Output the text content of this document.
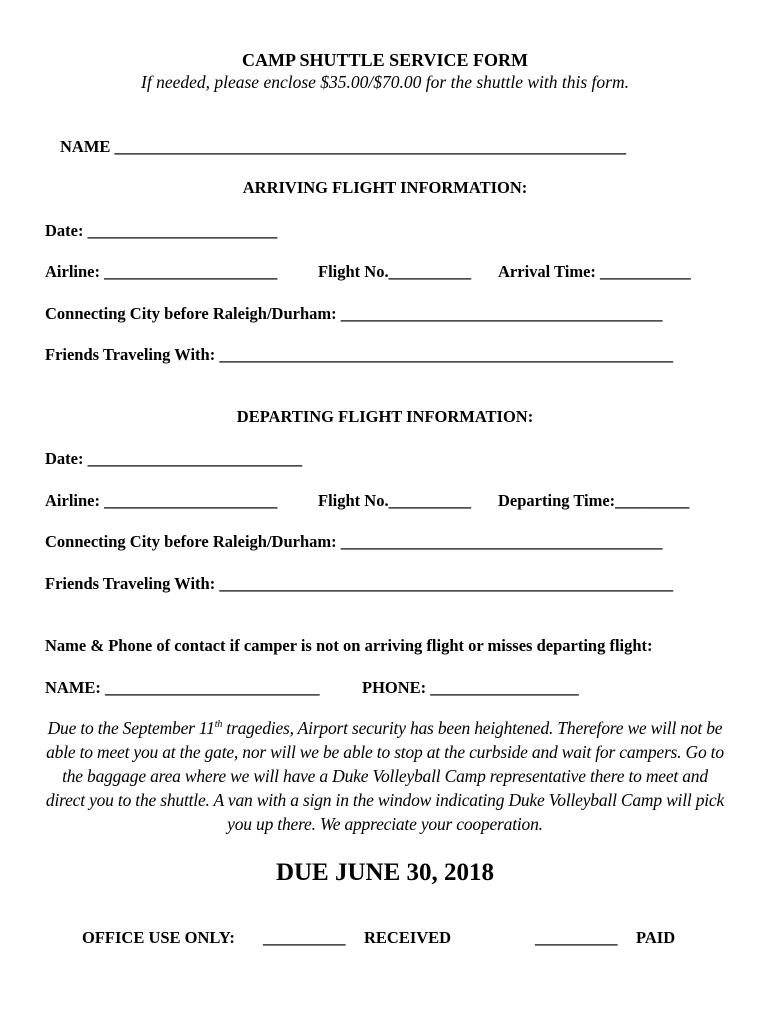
CAMP SHUTTLE SERVICE FORM
If needed, please enclose $35.00/$70.00 for the shuttle with this form.
NAME ______________________________________________________________
ARRIVING FLIGHT INFORMATION:
Date: _______________________
Airline: _____________________ Flight No.__________ Arrival Time: ___________
Connecting City before Raleigh/Durham: _______________________________________
Friends Traveling With: _______________________________________________________
DEPARTING FLIGHT INFORMATION:
Date: __________________________
Airline: _____________________ Flight No.__________ Departing Time:_________
Connecting City before Raleigh/Durham: _______________________________________
Friends Traveling With: _______________________________________________________
Name & Phone of contact if camper is not on arriving flight or misses departing flight:
NAME: __________________________	PHONE: __________________
Due to the September 11th tragedies, Airport security has been heightened. Therefore we will not be able to meet you at the gate, nor will we be able to stop at the curbside and wait for campers. Go to the baggage area where we will have a Duke Volleyball Camp representative there to meet and direct you to the shuttle. A van with a sign in the window indicating Duke Volleyball Camp will pick you up there. We appreciate your cooperation.
DUE JUNE 30, 2018
OFFICE USE ONLY: __________ RECEIVED	__________ PAID
